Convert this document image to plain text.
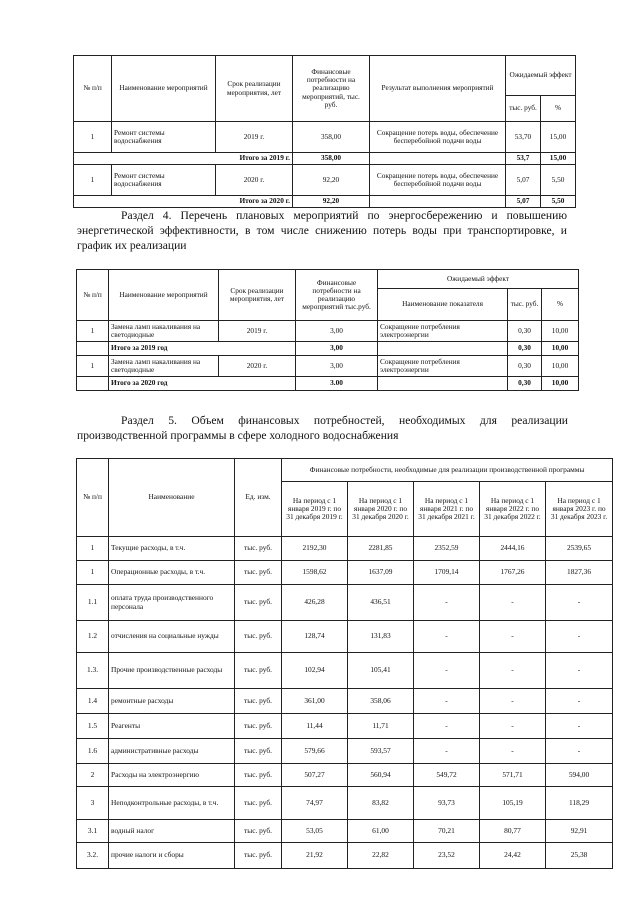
№ п/п	Наименование мероприятий	Срок реализации мероприятия, лет	Финансовые потребности на реализацию мероприятий, тыс. руб.	Результат выполнения мероприятий	Ожидаемый эффект	
					тыс. руб.	%
1	Ремонт системы водоснабжения	2019 г.	358,00	Сокращение потерь воды, обеспечение бесперебойной подачи воды	53,70	15,00
Итого за 2019 г.			358,00		53,7	15,00
1	Ремонт системы водоснабжения	2020 г.	92,20	Сокращение потерь воды, обеспечение бесперебойной подачи воды	5,07	5,50
Итого за 2020 г.			92,20		5,07	5,50

Раздел 4. Перечень плановых мероприятий по энергосбережению и повышению энергетической эффективности, в том числе снижению потерь воды при транспортировке, и график их реализации

№ п/п	Наименование мероприятий	Срок реализации мероприятия, лет	Финансовые потребности на реализацию мероприятий тыс.руб.	Ожидаемый эффект		
				Наименование показателя	тыс. руб.	%
1	Замена ламп накаливания на светодиодные	2019 г.	3,00	Сокращение потребления электроэнергии	0,30	10,00
	Итого за 2019 год		3,00		0,30	10,00
1	Замена ламп накаливания на светодиодные	2020 г.	3,00	Сокращение потребления электроэнергии	0,30	10,00
	Итого за 2020 год		3.00		0,30	10,00

Раздел 5. Объем финансовых потребностей, необходимых для реализации производственной программы в сфере холодного водоснабжения

№ п/п	Наименование	Ед. изм.	Финансовые потребности, необходимые для реализации производственной программы				
			На период с 1 января 2019 г. по 31 декабря 2019 г.	На период с 1 января 2020 г. по 31 декабря 2020 г.	На период с 1 января 2021 г. по 31 декабря 2021 г.	На период с 1 января 2022 г. по 31 декабря 2022 г.	На период с 1 января 2023 г. по 31 декабря 2023 г.
1	Текущие расходы, в т.ч.	тыс. руб.	2192,30	2281,85	2352,59	2444,16	2539,65
1	Операционные расходы, в т.ч.	тыс. руб.	1598,62	1637,09	1709,14	1767,26	1827,36
1.1	оплата труда производственного персонала	тыс. руб.	426,28	436,51	-	-	-
1.2	отчисления на социальные нужды	тыс. руб.	128,74	131,83	-	-	-
1.3.	Прочие производственные расходы	тыс. руб.	102,94	105,41	-	-	-
1.4	ремонтные расходы	тыс. руб.	361,00	358,06	-	-	-
1.5	Реагенты	тыс. руб.	11,44	11,71	-	-	-
1.6	административные расходы	тыс. руб.	579,66	593,57	-	-	-
2	Расходы на электроэнергию	тыс. руб.	507,27	560,94	549,72	571,71	594,00
3	Неподконтрольные расходы, в т.ч.	тыс. руб.	74,97	83,82	93,73	105,19	118,29
3.1	водный налог	тыс. руб.	53,05	61,00	70,21	80,77	92,91
3.2.	прочие налоги и сборы	тыс. руб.	21,92	22,82	23,52	24,42	25,38
